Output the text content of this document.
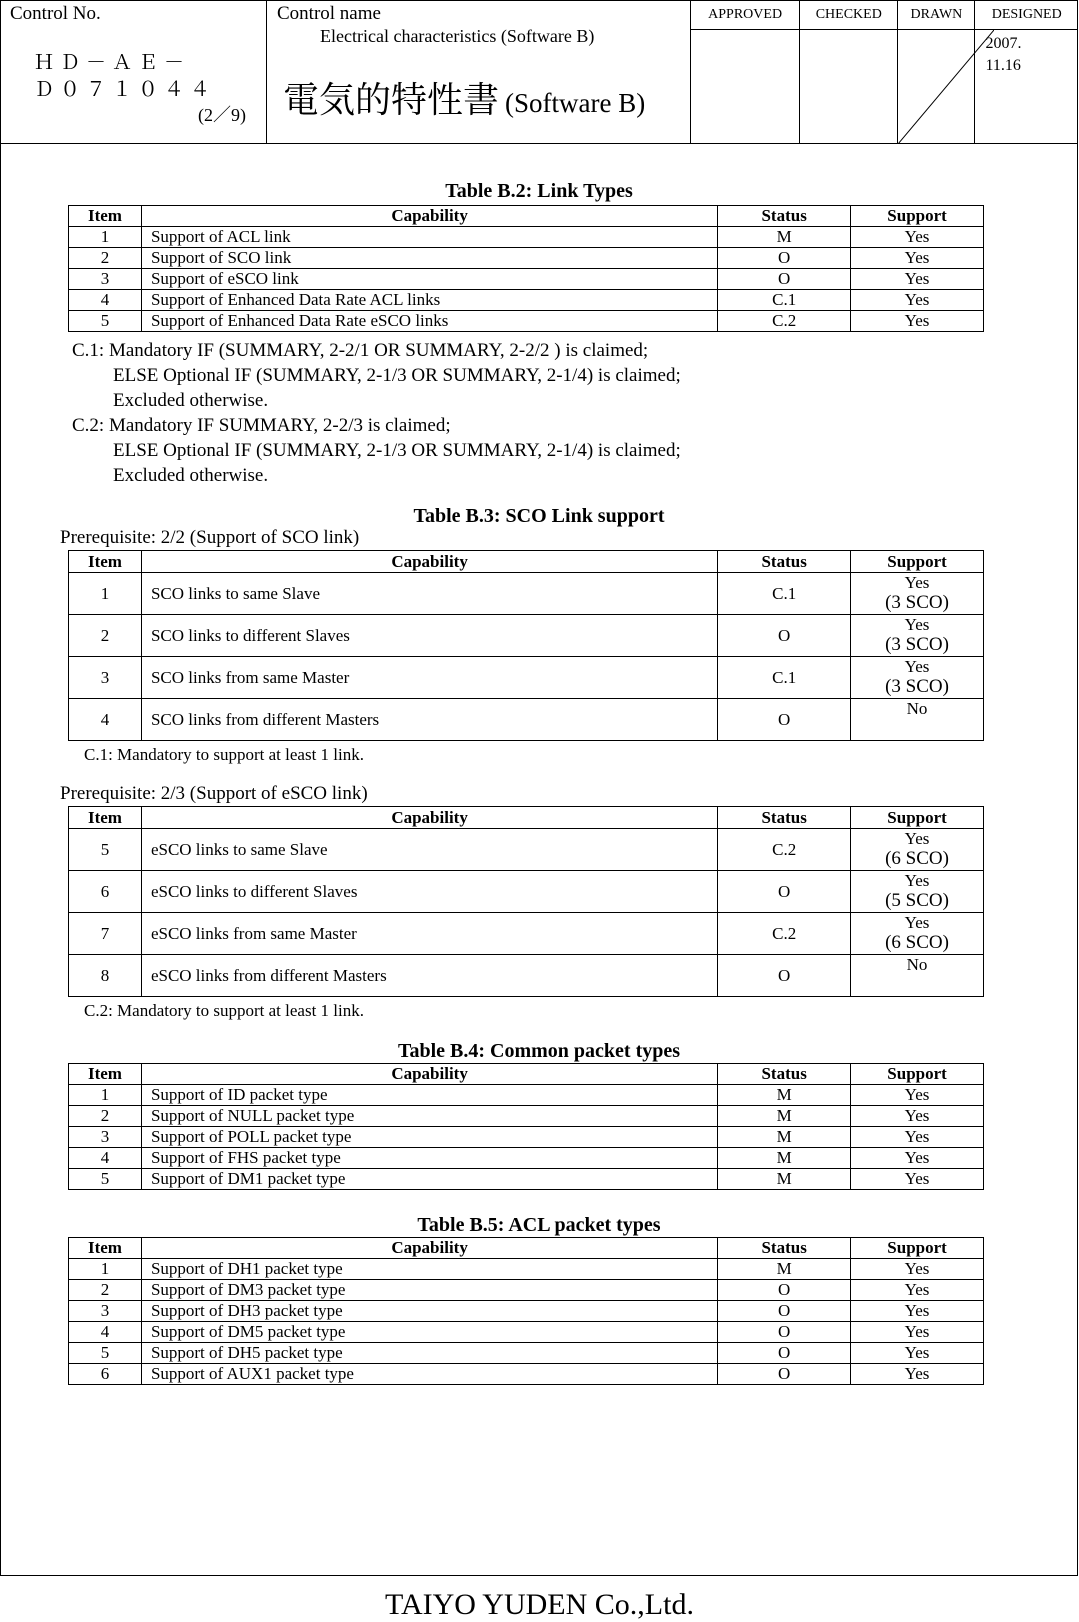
Control No.
ＨＤ－ＡＥ－
Ｄ０７１０４４
(2／9)
Control name
Electrical characteristics (Software B)
電気的特性書 (Software B)
APPROVED	CHECKED	DRAWN	DESIGNED

2007.
11.16
Table B.2: Link Types
Item	Capability	Status	Support
1	Support of ACL link	M	Yes
2	Support of SCO link	O	Yes
3	Support of eSCO link	O	Yes
4	Support of Enhanced Data Rate ACL links	C.1	Yes
5	Support of Enhanced Data Rate eSCO links	C.2	Yes
C.1: Mandatory IF (SUMMARY, 2-2/1 OR SUMMARY, 2-2/2 ) is claimed;
ELSE Optional IF (SUMMARY, 2-1/3 OR SUMMARY, 2-1/4) is claimed;
Excluded otherwise.
C.2: Mandatory IF SUMMARY, 2-2/3 is claimed;
ELSE Optional IF (SUMMARY, 2-1/3 OR SUMMARY, 2-1/4) is claimed;
Excluded otherwise.
Table B.3: SCO Link support
Prerequisite: 2/2 (Support of SCO link)
Item	Capability	Status	Support
1	SCO links to same Slave	C.1	Yes
(3 SCO)

2	SCO links to different Slaves	O	Yes
(3 SCO)

3	SCO links from same Master	C.1	Yes
(3 SCO)

4	SCO links from different Masters	O	No
C.1: Mandatory to support at least 1 link.
Prerequisite: 2/3 (Support of eSCO link)
Item	Capability	Status	Support
5	eSCO links to same Slave	C.2	Yes
(6 SCO)

6	eSCO links to different Slaves	O	Yes
(5 SCO)

7	eSCO links from same Master	C.2	Yes
(6 SCO)

8	eSCO links from different Masters	O	No
C.2: Mandatory to support at least 1 link.
Table B.4: Common packet types
Item	Capability	Status	Support
1	Support of ID packet type	M	Yes
2	Support of NULL packet type	M	Yes
3	Support of POLL packet type	M	Yes
4	Support of FHS packet type	M	Yes
5	Support of DM1 packet type	M	Yes
Table B.5: ACL packet types
Item	Capability	Status	Support
1	Support of DH1 packet type	M	Yes
2	Support of DM3 packet type	O	Yes
3	Support of DH3 packet type	O	Yes
4	Support of DM5 packet type	O	Yes
5	Support of DH5 packet type	O	Yes
6	Support of AUX1 packet type	O	Yes
TAIYO YUDEN Co.,Ltd.
